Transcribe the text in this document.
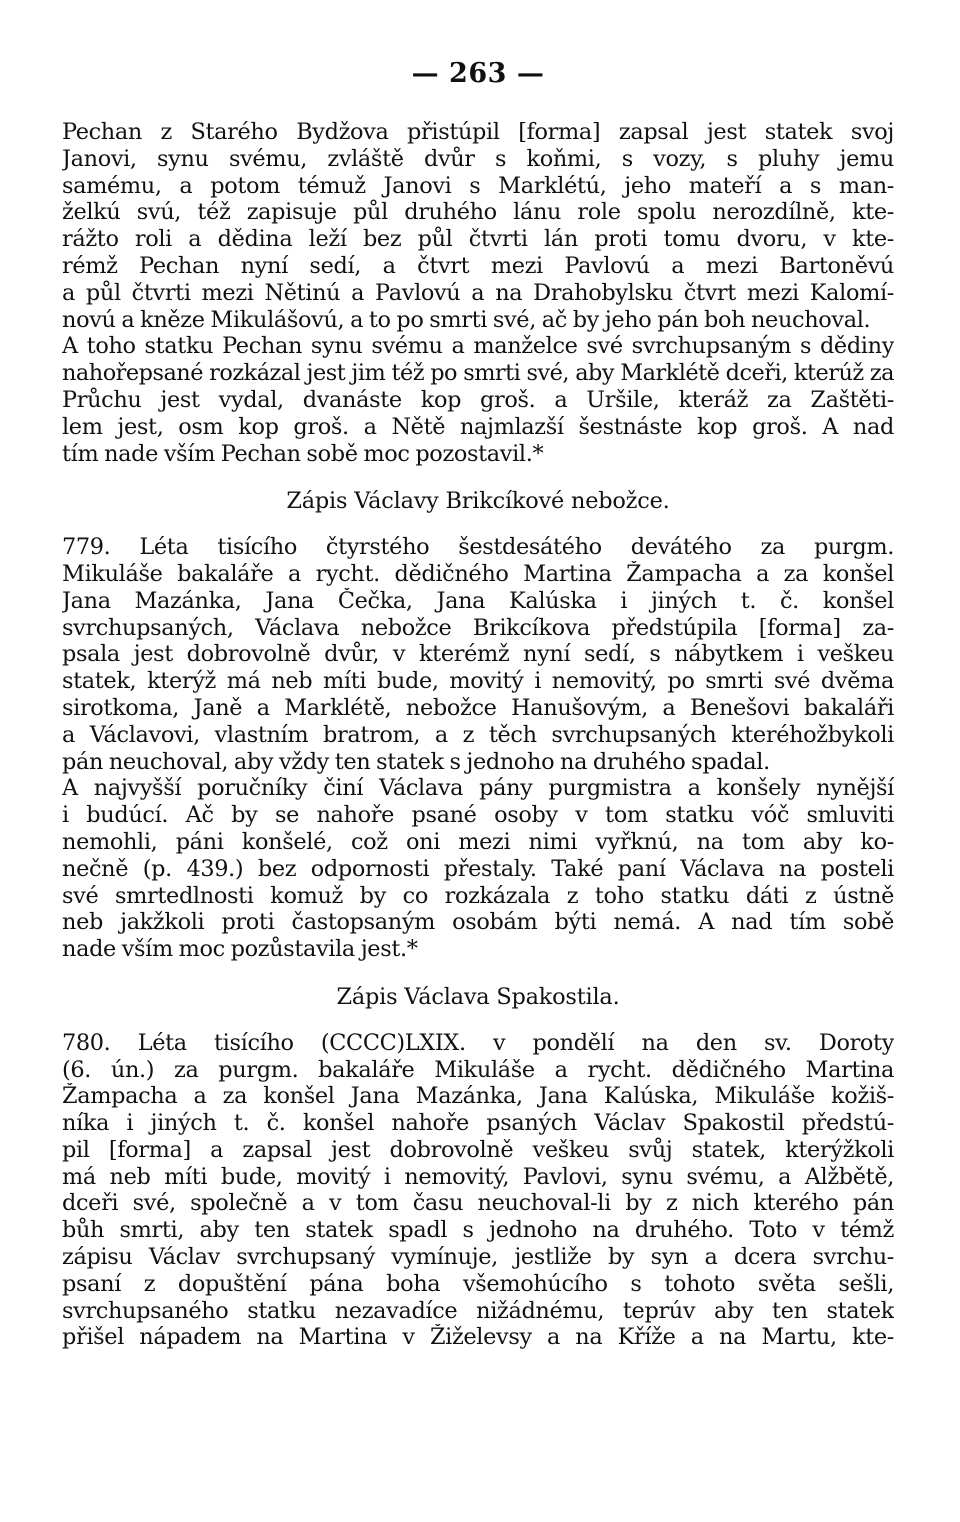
— 263 —
Pechan z Starého Bydžova přistúpil [forma] zapsal jest statek svoj
Janovi, synu svému, zvláště dvůr s koňmi, s vozy, s pluhy jemu
samému, a potom témuž Janovi s Marklétú, jeho mateří a s man-
želkú svú, též zapisuje půl druhého lánu role spolu nerozdílně, kte-
rážto roli a dědina leží bez půl čtvrti lán proti tomu dvoru, v kte-
rémž Pechan nyní sedí, a čtvrt mezi Pavlovú a mezi Bartoněvú
a půl čtvrti mezi Nětinú a Pavlovú a na Drahobylsku čtvrt mezi Kalomí-
novú a kněze Mikulášovú, a to po smrti své, ač by jeho pán boh neuchoval.
A toho statku Pechan synu svému a manželce své svrchupsaným s dědiny
nahořepsané rozkázal jest jim též po smrti své, aby Marklétě dceři, kterúž za
Průchu jest vydal, dvanáste kop groš. a Uršile, kteráž za Zaštěti-
lem jest, osm kop groš. a Nětě najmlazší šestnáste kop groš. A nad
tím nade vším Pechan sobě moc pozostavil.*
Zápis Václavy Brikcíkové nebožce.
779. Léta tisícího čtyrstého šestdesátého devátého za purgm.
Mikuláše bakaláře a rycht. dědičného Martina Žampacha a za konšel
Jana Mazánka, Jana Čečka, Jana Kalúska i jiných t. č. konšel
svrchupsaných, Václava nebožce Brikcíkova předstúpila [forma] za-
psala jest dobrovolně dvůr, v kterémž nyní sedí, s nábytkem i veškeu
statek, kterýž má neb míti bude, movitý i nemovitý, po smrti své dvěma
sirotkoma, Janě a Marklétě, nebožce Hanušovým, a Benešovi bakaláři
a Václavovi, vlastním bratrom, a z těch svrchupsaných kteréhožbykoli
pán neuchoval, aby vždy ten statek s jednoho na druhého spadal.
A najvyšší poručníky činí Václava pány purgmistra a konšely nynější
i budúcí. Ač by se nahoře psané osoby v tom statku vóč smluviti
nemohli, páni konšelé, což oni mezi nimi vyřknú, na tom aby ko-
nečně (p. 439.) bez odpornosti přestaly. Také paní Václava na posteli
své smrtedlnosti komuž by co rozkázala z toho statku dáti z ústně
neb jakžkoli proti častopsaným osobám býti nemá. A nad tím sobě
nade vším moc pozůstavila jest.*
Zápis Václava Spakostila.
780. Léta tisícího (CCCC)LXIX. v pondělí na den sv. Doroty
(6. ún.) za purgm. bakaláře Mikuláše a rycht. dědičného Martina
Žampacha a za konšel Jana Mazánka, Jana Kalúska, Mikuláše kožiš-
níka i jiných t. č. konšel nahoře psaných Václav Spakostil předstú-
pil [forma] a zapsal jest dobrovolně veškeu svůj statek, kterýžkoli
má neb míti bude, movitý i nemovitý, Pavlovi, synu svému, a Alžbětě,
dceři své, společně a v tom času neuchoval-li by z nich kterého pán
bůh smrti, aby ten statek spadl s jednoho na druhého. Toto v témž
zápisu Václav svrchupsaný vymínuje, jestliže by syn a dcera svrchu-
psaní z dopuštění pána boha všemohúcího s tohoto světa sešli,
svrchupsaného statku nezavadíce nižádnému, teprúv aby ten statek
přišel nápadem na Martina v Žiželevsy a na Kříže a na Martu, kte-
